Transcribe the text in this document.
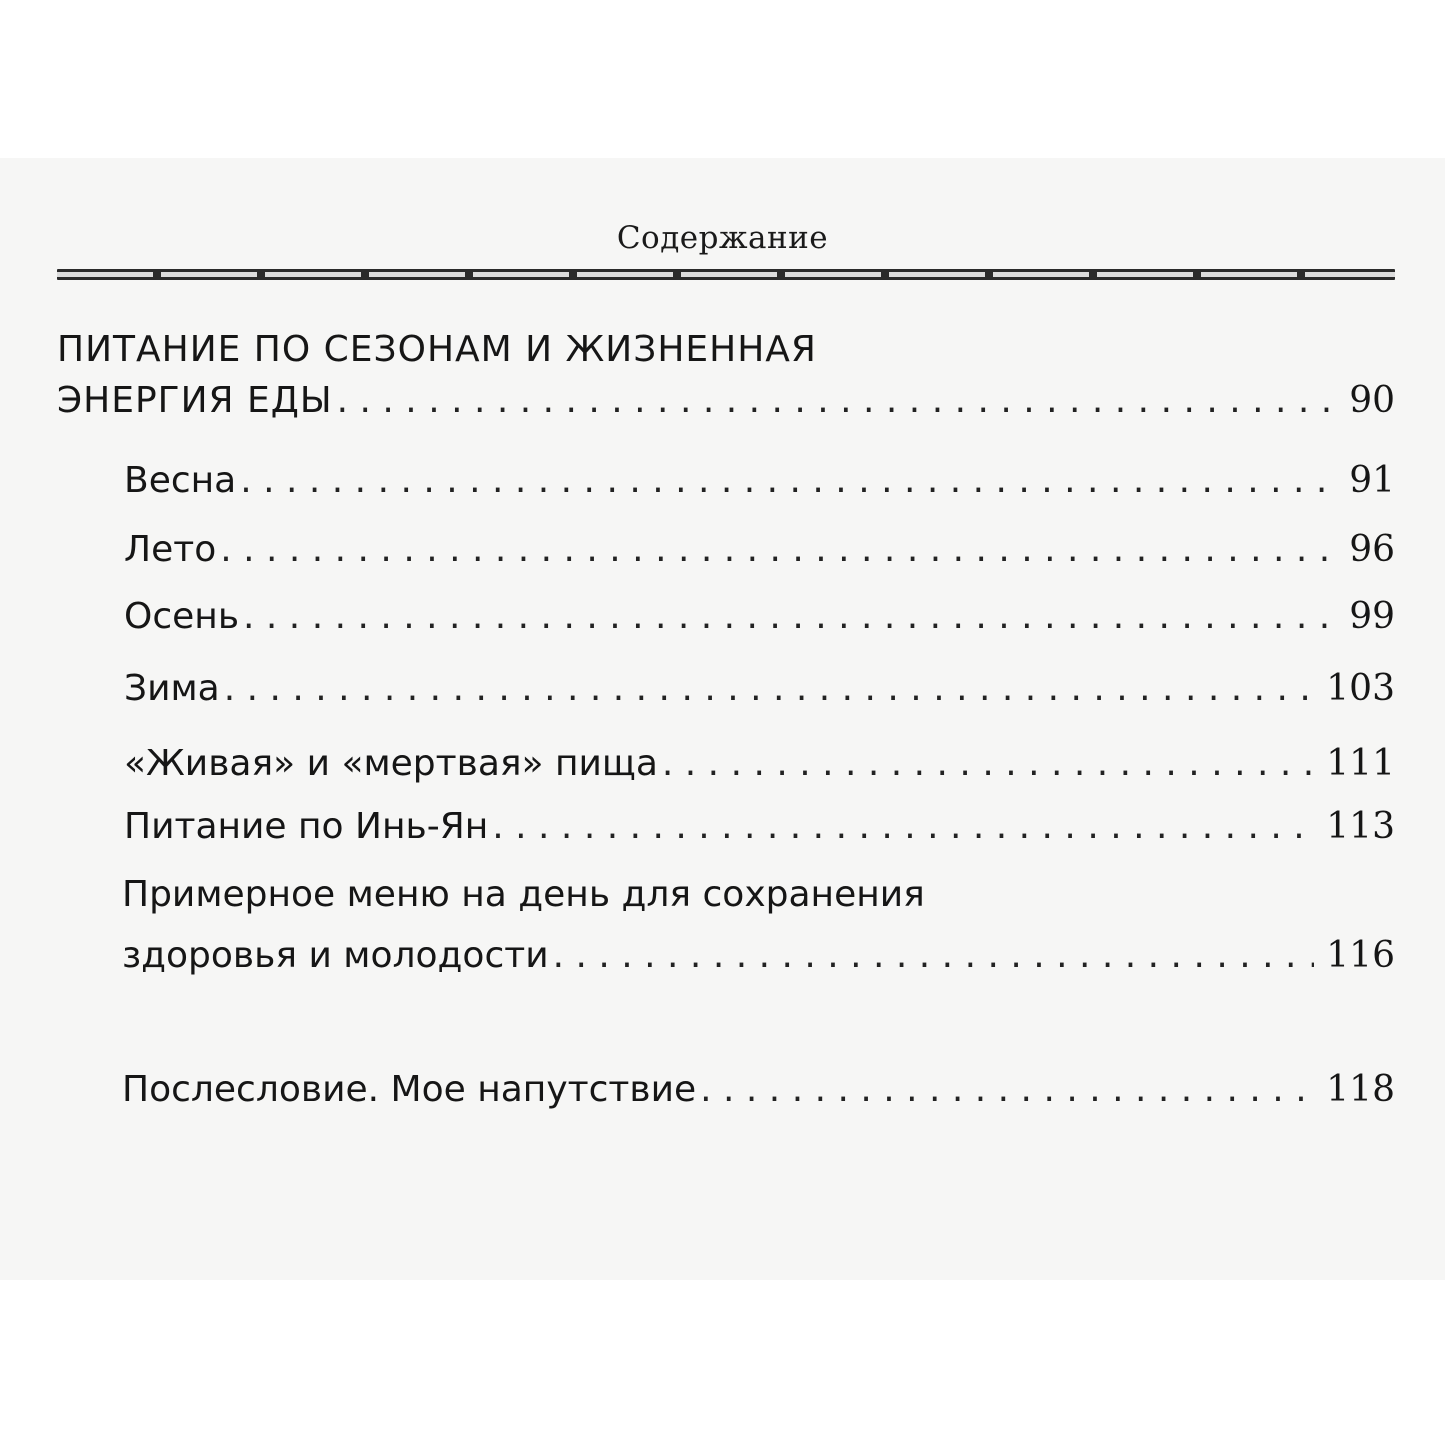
Содержание
ПИТАНИЕ ПО СЕЗОНАМ И ЖИЗНЕННАЯ
ЭНЕРГИЯ ЕДЫ . . .	90
Весна . . .	91
Лето . . .	96
Осень . . .	99
Зима . . .	103
«Живая» и «мертвая» пища . . .	111
Питание по Инь-Ян . . .	113
Примерное меню на день для сохранения
здоровья и молодости . . .	116
Послесловие. Мое напутствие . . .	118
